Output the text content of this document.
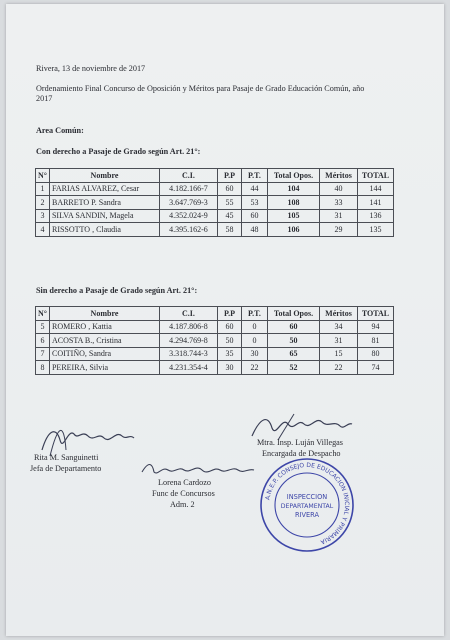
Rivera, 13 de noviembre de 2017
Ordenamiento Final Concurso de Oposición y Méritos para Pasaje de Grado Educación Común, año
2017
Area Común:
Con derecho a Pasaje de Grado según Art. 21°:
N°	Nombre	C.I.	P.P	P.T.	Total Opos.	Méritos	TOTAL
1	FARIAS ALVAREZ, Cesar	4.182.166-7	60	44	104	40	144
2	BARRETO P. Sandra	3.647.769-3	55	53	108	33	141
3	SILVA SANDIN, Magela	4.352.024-9	45	60	105	31	136
4	RISSOTTO , Claudia	4.395.162-6	58	48	106	29	135
Sin derecho a Pasaje de Grado según Art. 21°:
N°	Nombre	C.I.	P.P	P.T.	Total Opos.	Méritos	TOTAL
5	ROMERO , Kattia	4.187.806-8	60	0	60	34	94
6	ACOSTA B., Cristina	4.294.769-8	50	0	50	31	81
7	COITIÑO, Sandra	3.318.744-3	35	30	65	15	80
8	PEREIRA, Silvia	4.231.354-4	30	22	52	22	74
Rita M. Sanguinetti
Jefa de Departamento
Lorena Cardozo
Func de Concursos
Adm. 2
Mtra. Insp. Luján Villegas
Encargada de Despacho
A.N.E.P. CONSEJO DE EDUCACION INICIAL Y PRIMARIA
INSPECCION
DEPARTAMENTAL
RIVERA
